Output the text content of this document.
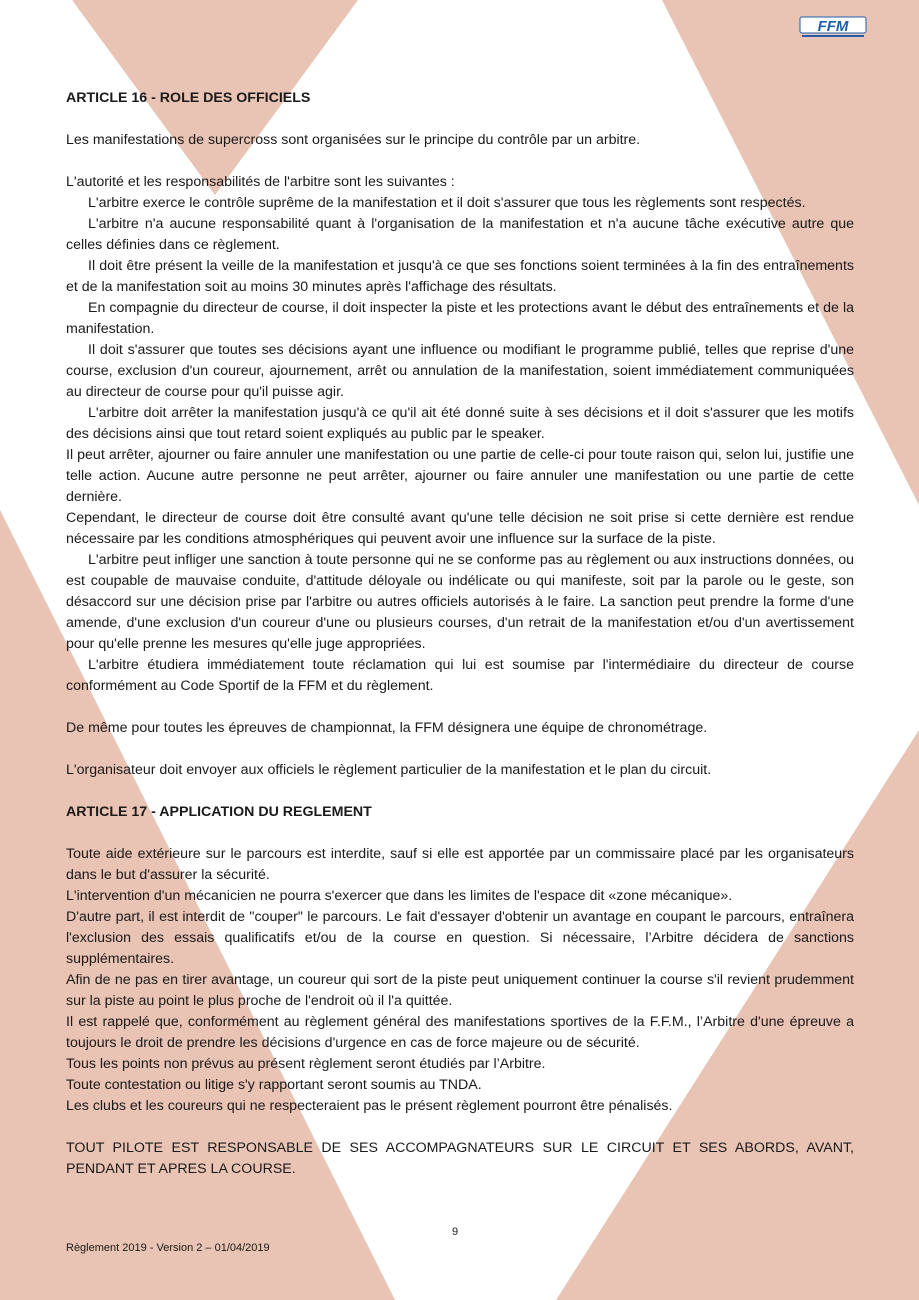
FFM

ARTICLE 16 - ROLE DES OFFICIELS

Les manifestations de supercross sont organisées sur le principe du contrôle par un arbitre.

L'autorité et les responsabilités de l'arbitre sont les suivantes :

L'arbitre exerce le contrôle suprême de la manifestation et il doit s'assurer que tous les règlements sont respectés.

L'arbitre n'a aucune responsabilité quant à l'organisation de la manifestation et n'a aucune tâche exécutive autre que celles définies dans ce règlement.

Il doit être présent la veille de la manifestation et jusqu'à ce que ses fonctions soient terminées à la fin des entraînements et de la manifestation soit au moins 30 minutes après l'affichage des résultats.

En compagnie du directeur de course, il doit inspecter la piste et les protections avant le début des entraînements et de la manifestation.

Il doit s'assurer que toutes ses décisions ayant une influence ou modifiant le programme publié, telles que reprise d'une course, exclusion d'un coureur, ajournement, arrêt ou annulation de la manifestation, soient immédiatement communiquées au directeur de course pour qu'il puisse agir.

L'arbitre doit arrêter la manifestation jusqu'à ce qu'il ait été donné suite à ses décisions et il doit s'assurer que les motifs des décisions ainsi que tout retard soient expliqués au public par le speaker.

Il peut arrêter, ajourner ou faire annuler une manifestation ou une partie de celle-ci pour toute raison qui, selon lui, justifie une telle action. Aucune autre personne ne peut arrêter, ajourner ou faire annuler une manifestation ou une partie de cette dernière.

Cependant, le directeur de course doit être consulté avant qu'une telle décision ne soit prise si cette dernière est rendue nécessaire par les conditions atmosphériques qui peuvent avoir une influence sur la surface de la piste.

L'arbitre peut infliger une sanction à toute personne qui ne se conforme pas au règlement ou aux instructions données, ou est coupable de mauvaise conduite, d'attitude déloyale ou indélicate ou qui manifeste, soit par la parole ou le geste, son désaccord sur une décision prise par l'arbitre ou autres officiels autorisés à le faire. La sanction peut prendre la forme d'une amende, d'une exclusion d'un coureur d'une ou plusieurs courses, d'un retrait de la manifestation et/ou d'un avertissement pour qu'elle prenne les mesures qu'elle juge appropriées.

L'arbitre étudiera immédiatement toute réclamation qui lui est soumise par l'intermédiaire du directeur de course conformément au Code Sportif de la FFM et du règlement.

De même pour toutes les épreuves de championnat, la FFM désignera une équipe de chronométrage.

L'organisateur doit envoyer aux officiels le règlement particulier de la manifestation et le plan du circuit.

ARTICLE 17 - APPLICATION DU REGLEMENT

Toute aide extérieure sur le parcours est interdite, sauf si elle est apportée par un commissaire placé par les organisateurs dans le but d'assurer la sécurité.

L'intervention d'un mécanicien ne pourra s'exercer que dans les limites de l'espace dit «zone mécanique».

D'autre part, il est interdit de "couper" le parcours. Le fait d'essayer d'obtenir un avantage en coupant le parcours, entraînera l'exclusion des essais qualificatifs et/ou de la course en question. Si nécessaire, l’Arbitre décidera de sanctions supplémentaires.

Afin de ne pas en tirer avantage, un coureur qui sort de la piste peut uniquement continuer la course s'il revient prudemment sur la piste au point le plus proche de l'endroit où il l'a quittée.

Il est rappelé que, conformément au règlement général des manifestations sportives de la F.F.M., l’Arbitre d'une épreuve a toujours le droit de prendre les décisions d'urgence en cas de force majeure ou de sécurité.

Tous les points non prévus au présent règlement seront étudiés par l’Arbitre.

Toute contestation ou litige s'y rapportant seront soumis au TNDA.

Les clubs et les coureurs qui ne respecteraient pas le présent règlement pourront être pénalisés.

TOUT PILOTE EST RESPONSABLE DE SES ACCOMPAGNATEURS SUR LE CIRCUIT ET SES ABORDS, AVANT, PENDANT ET APRES LA COURSE.

9
Règlement 2019 - Version 2 – 01/04/2019
